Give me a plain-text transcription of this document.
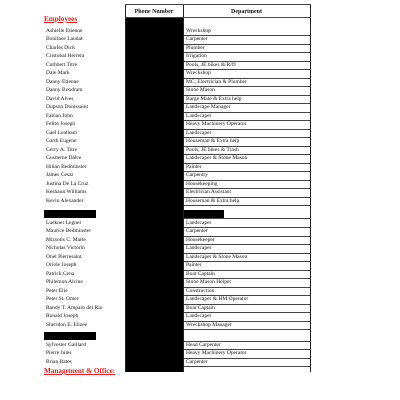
Phone Number	Department
Employees
Management & Office:
Ashielle Etienne	Wreckshop
Boniface Laudat	Carpenter
Charles Dick	Plumber
Cristobal Herrera	Irrigation
Cuthbert Titre	Pools, JE bikes & R/O
Dale Mark	Wreckshop
Danny Etienne	MC, Electrician & Plumber
Danny Boodram	Stone Mason
David Alves	Barge Mate & Extra help
Dupson Donissaint	Landscape Manager
Fabian John	Landscaper
Felito Joseph	Heavy Machinery Operator
Gael Leatham	Landscaper
Garth Eugene	Houseman & Extra help
Gerry A. Titre	Pools, JE bikes & Trash
Gusnerne Dalce	Landscaper & Stone Mason
Hilian Bedminster	Painter
James Cesar	Carpentry
Justina De La Cruz	Housekeeping
Keshaun Williams	Electrician Assistant
Kevin Alexander	Houseman & Extra help
Luckner Legner	Landscaper
Maurice Bedminster	Carpenter
Mizsotis C. Marte	Housekeeper
Nicholas Victorin	Landscaper
Onel Pierresaint	Landscaper & Stone Mason
Oriole Joseph	Painter
Patrick Cena	Boat Captain
Philemon Alcine	Stone Mason Helper
Peter Elie	Construction
Peter St. Omer	Landscaper & HM Operator
Randy T. Amparo del Rio	Boat Captain
Ronald Joseph	Landscaper
Sheridon E. Elizee	Wreckshop Manager
Sylvester Gaillard	Head Carpenter
Pierre Jules	Heavy Machinery Operator
Brian Bates	Carpenter
